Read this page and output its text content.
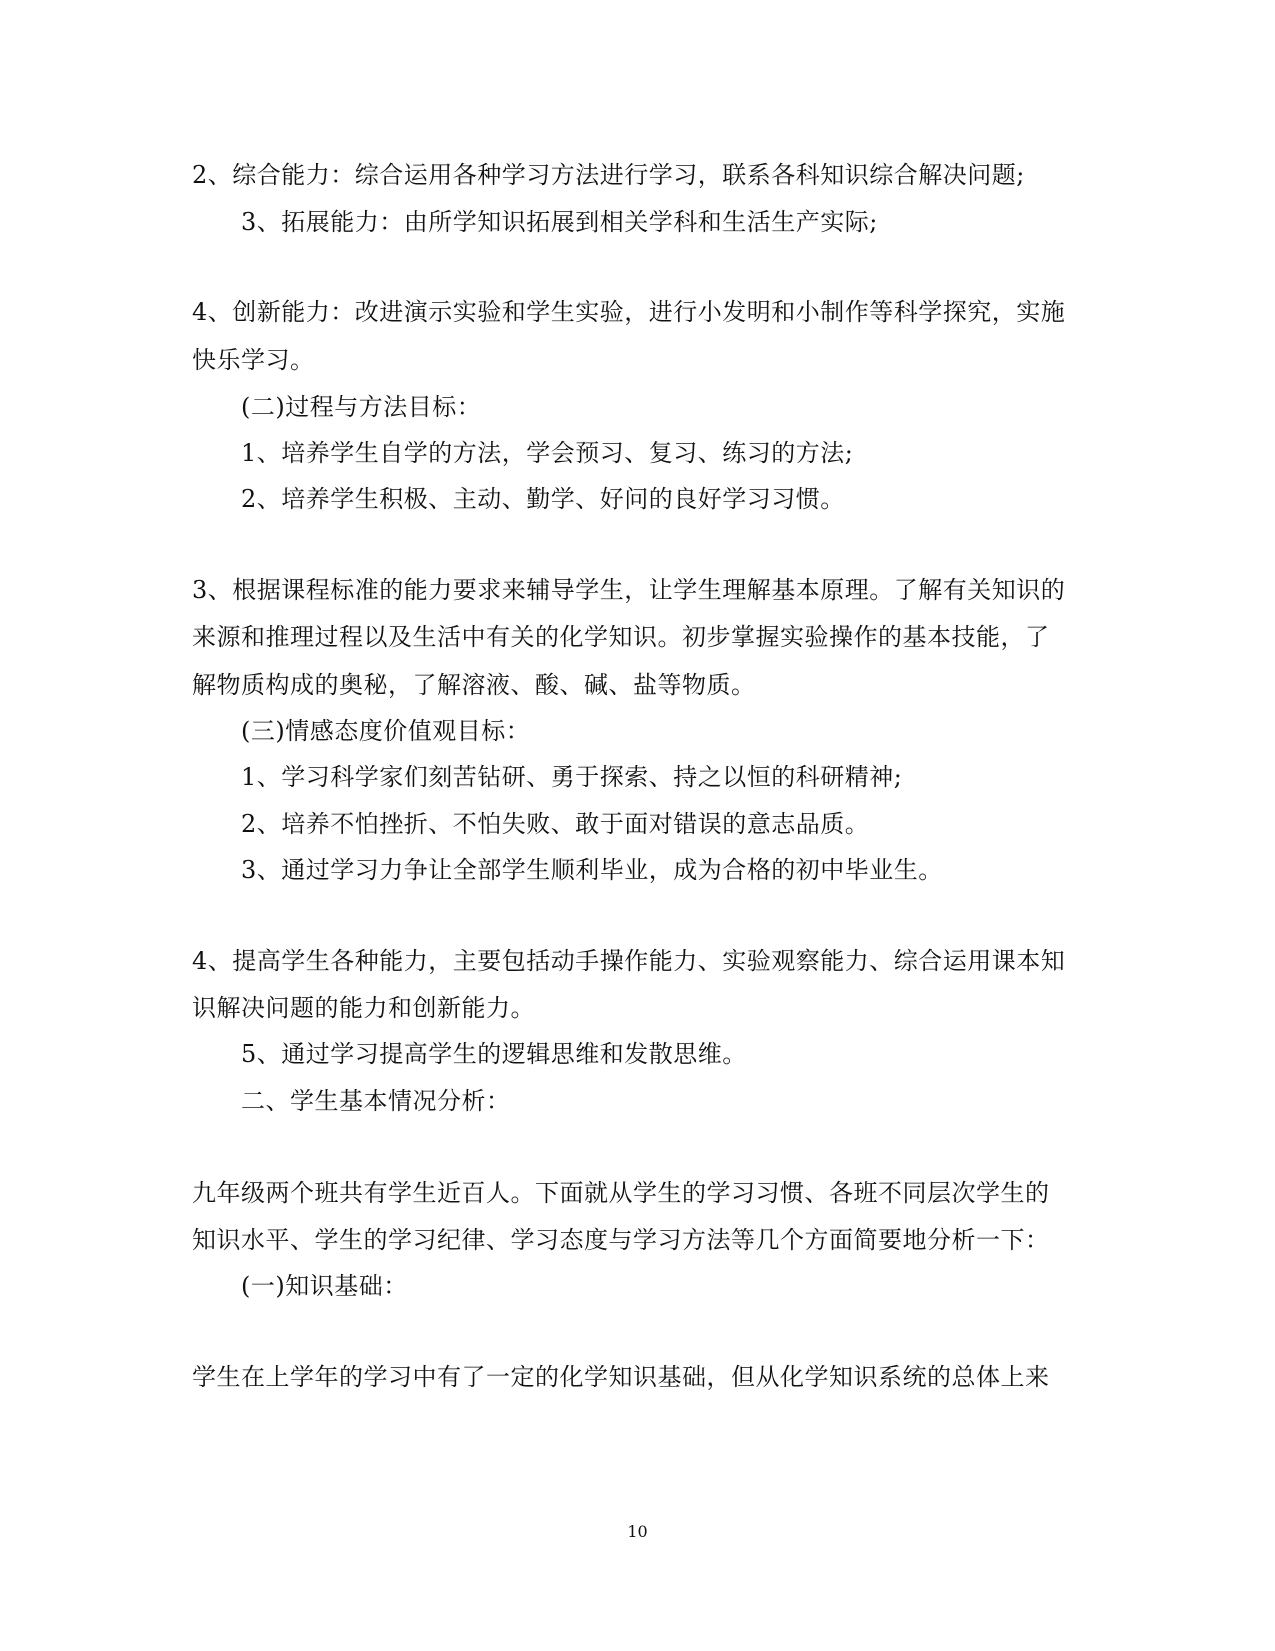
2、综合能力：综合运用各种学习方法进行学习，联系各科知识综合解决问题;
3、拓展能力：由所学知识拓展到相关学科和生活生产实际;
4、创新能力：改进演示实验和学生实验，进行小发明和小制作等科学探究，实施
快乐学习。
(二)过程与方法目标：
1、培养学生自学的方法，学会预习、复习、练习的方法;
2、培养学生积极、主动、勤学、好问的良好学习习惯。
3、根据课程标准的能力要求来辅导学生，让学生理解基本原理。了解有关知识的
来源和推理过程以及生活中有关的化学知识。初步掌握实验操作的基本技能，了
解物质构成的奥秘，了解溶液、酸、碱、盐等物质。
(三)情感态度价值观目标：
1、学习科学家们刻苦钻研、勇于探索、持之以恒的科研精神;
2、培养不怕挫折、不怕失败、敢于面对错误的意志品质。
3、通过学习力争让全部学生顺利毕业，成为合格的初中毕业生。
4、提高学生各种能力，主要包括动手操作能力、实验观察能力、综合运用课本知
识解决问题的能力和创新能力。
5、通过学习提高学生的逻辑思维和发散思维。
二、学生基本情况分析：
九年级两个班共有学生近百人。下面就从学生的学习习惯、各班不同层次学生的
知识水平、学生的学习纪律、学习态度与学习方法等几个方面简要地分析一下：
(一)知识基础：
学生在上学年的学习中有了一定的化学知识基础，但从化学知识系统的总体上来
10
